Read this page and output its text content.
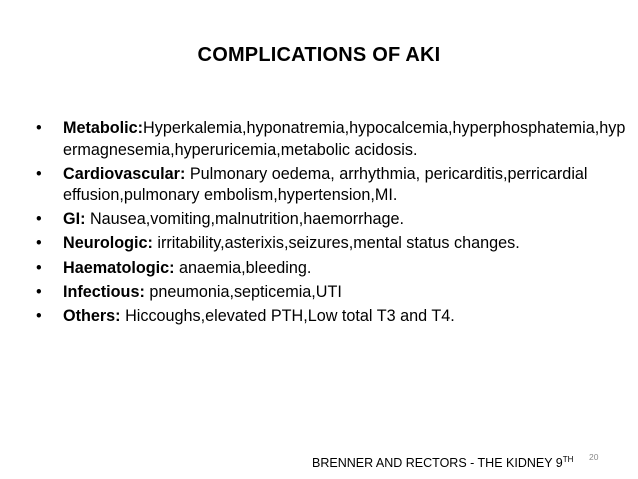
COMPLICATIONS OF AKI
•	Metabolic:Hyperkalemia,hyponatremia,hypocalcemia,hyperphosphatemia,hypermagnesemia,hyperuricemia,metabolic acidosis.
•	Cardiovascular: Pulmonary oedema, arrhythmia, pericarditis,perricardial effusion,pulmonary embolism,hypertension,MI.
•	GI: Nausea,vomiting,malnutrition,haemorrhage.
•	Neurologic: irritability,asterixis,seizures,mental status changes.
•	Haematologic: anaemia,bleeding.
•	Infectious: pneumonia,septicemia,UTI
•	Others: Hiccoughs,elevated PTH,Low total T3 and T4.
BRENNER AND RECTORS - THE KIDNEY 9TH 20
